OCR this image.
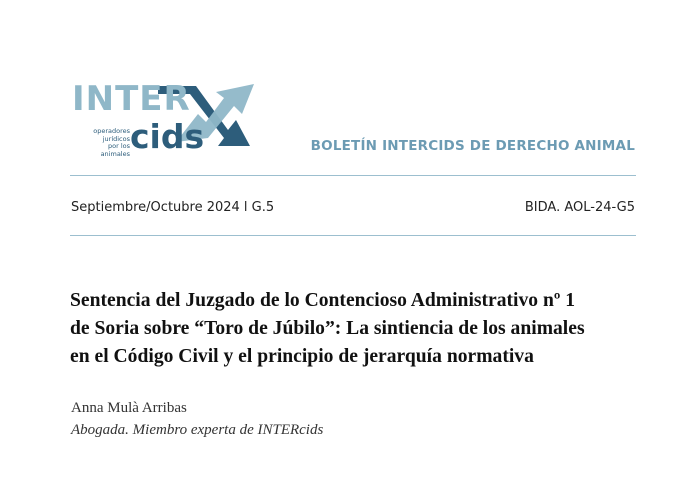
INTER
operadores
jurídicos
por los animales cids	BOLETÍN INTERCIDS DE DERECHO ANIMAL
Septiembre/Octubre 2024 l G.5	BIDA. AOL-24-G5
Sentencia del Juzgado de lo Contencioso Administrativo nº 1
de Soria sobre “Toro de Júbilo”: La sintiencia de los animales
en el Código Civil y el principio de jerarquía normativa
Anna Mulà Arribas
Abogada. Miembro experta de INTERcids
